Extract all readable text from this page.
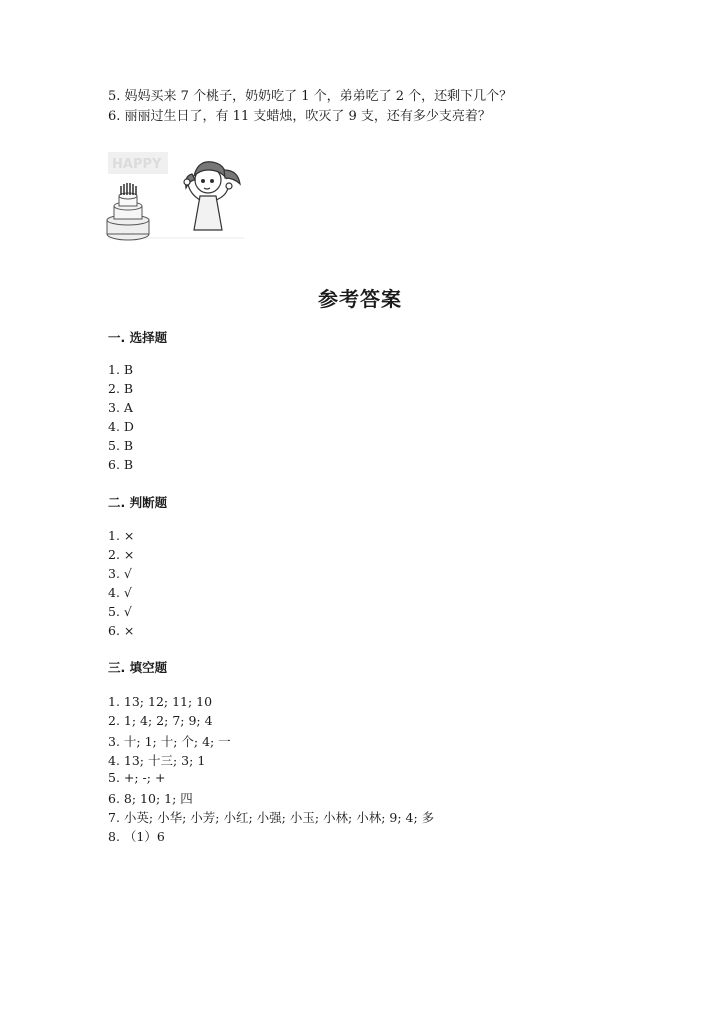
5. 妈妈买来 7 个桃子，奶奶吃了 1 个，弟弟吃了 2 个，还剩下几个？
6. 丽丽过生日了，有 11 支蜡烛，吹灭了 9 支，还有多少支亮着？
HAPPY
参考答案
一. 选择题
1. B
2. B
3. A
4. D
5. B
6. B
二. 判断题
1. ×
2. ×
3. √
4. √
5. √
6. ×
三. 填空题
1. 13; 12; 11; 10
2. 1; 4; 2; 7; 9; 4
3. 十; 1; 十; 个; 4; 一
4. 13; 十三; 3; 1
5. +; -; +
6. 8; 10; 1; 四
7. 小英; 小华; 小芳; 小红; 小强; 小玉; 小林; 小林; 9; 4; 多
8. （1）6
